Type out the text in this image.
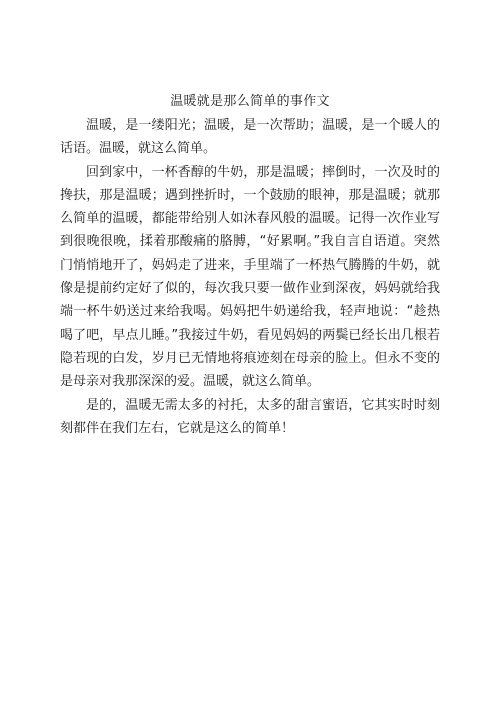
温暖就是那么简单的事作文

温暖，是一缕阳光；温暖，是一次帮助；温暖，是一个暖人的话语。温暖，就这么简单。

回到家中，一杯香醇的牛奶，那是温暖；摔倒时，一次及时的搀扶，那是温暖；遇到挫折时，一个鼓励的眼神，那是温暖；就那么简单的温暖，都能带给别人如沐春风般的温暖。记得一次作业写到很晚很晚，揉着那酸痛的胳膊，“好累啊。”我自言自语道。突然门悄悄地开了，妈妈走了进来，手里端了一杯热气腾腾的牛奶，就像是提前约定好了似的，每次我只要一做作业到深夜，妈妈就给我端一杯牛奶送过来给我喝。妈妈把牛奶递给我，轻声地说：“趁热喝了吧，早点儿睡。”我接过牛奶，看见妈妈的两鬓已经长出几根若隐若现的白发，岁月已无情地将痕迹刻在母亲的脸上。但永不变的是母亲对我那深深的爱。温暖，就这么简单。

是的，温暖无需太多的衬托，太多的甜言蜜语，它其实时时刻刻都伴在我们左右，它就是这么的简单！
